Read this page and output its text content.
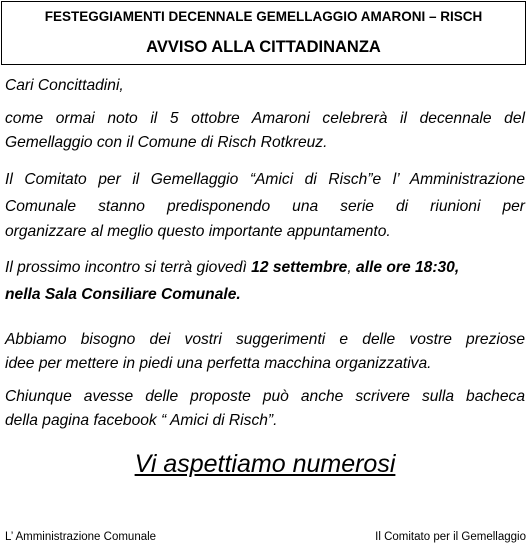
FESTEGGIAMENTI DECENNALE GEMELLAGGIO AMARONI – RISCH
AVVISO ALLA CITTADINANZA

Cari Concittadini,

come ormai noto il 5 ottobre Amaroni celebrerà il decennale del

Gemellaggio con il Comune di Risch Rotkreuz.

Il Comitato per il Gemellaggio “Amici di Risch”e l’ Amministrazione

Comunale stanno predisponendo una serie di riunioni per

organizzare al meglio questo importante appuntamento.

Il prossimo incontro si terrà giovedì 12 settembre, alle ore 18:30,

nella Sala Consiliare Comunale.

Abbiamo bisogno dei vostri suggerimenti e delle vostre preziose

idee per mettere in piedi una perfetta macchina organizzativa.

Chiunque avesse delle proposte può anche scrivere sulla bacheca

della pagina facebook “ Amici di Risch”.

Vi aspettiamo numerosi
L’ Amministrazione Comunale	Il Comitato per il Gemellaggio
